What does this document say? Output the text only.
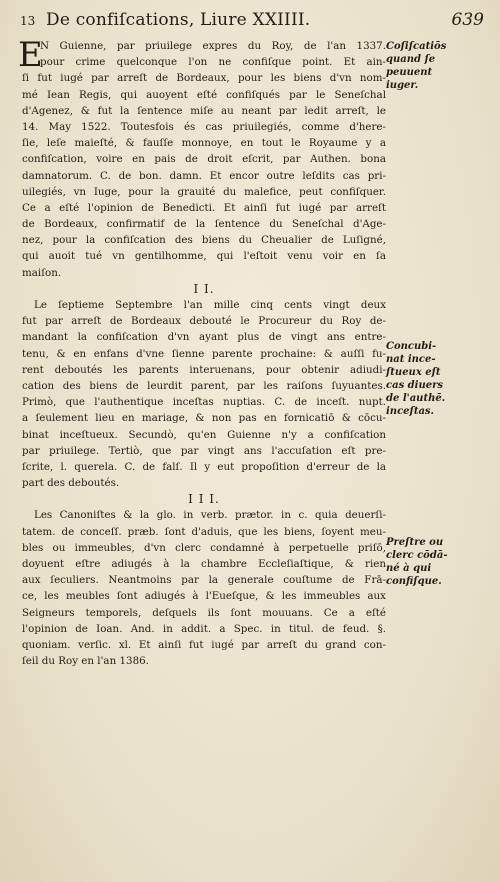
13 De confiſcations, Liure XXIIII.	639
E
N Guienne, par priuilege expres du Roy, de l'an 1337.
pour crime quelconque l'on ne confiſque point. Et ain-
ſi fut iugé par arreſt de Bordeaux, pour les biens d'vn nom-
mé Iean Regis, qui auoyent eſté confiſqués par le Seneſchal
d'Agenez, & fut la ſentence miſe au neant par ledit arreſt, le
14. May 1522. Toutesfois és cas priuilegiés, comme d'here-
ſie, leſe maieſté, & fauſſe monnoye, en tout le Royaume y a
confiſcation, voire en pais de droit eſcrit, par Authen. bona
damnatorum. C. de bon. damn. Et encor outre leſdits cas pri-
uilegiés, vn Iuge, pour la grauité du malefice, peut confiſquer.
Ce a eſté l'opinion de Benedicti. Et ainſi fut iugé par arreſt
de Bordeaux, confirmatif de la ſentence du Seneſchal d'Age-
nez, pour la confiſcation des biens du Cheualier de Luſigné,
qui auoit tué vn gentilhomme, qui l'eſtoit venu voir en ſa
maiſon.
I I.
Le ſeptieme Septembre l'an mille cinq cents vingt deux
fut par arreſt de Bordeaux debouté le Procureur du Roy de-
mandant la confiſcation d'vn ayant plus de vingt ans entre-
tenu, & en enfans d'vne ſienne parente prochaine: & auſſi fu-
rent deboutés les parents interuenans, pour obtenir adiudi-
cation des biens de leurdit parent, par les raiſons ſuyuantes.
Primò, que l'authentique inceſtas nuptias. C. de inceſt. nupt.
a ſeulement lieu en mariage, & non pas en fornicatiō & cōcu-
binat inceſtueux. Secundò, qu'en Guienne n'y a confiſcation
par priuilege. Tertiò, que par vingt ans l'accuſation eſt pre-
ſcrite, l. querela. C. de falſ. Il y eut propoſition d'erreur de la
part des deboutés.
I I I.
Les Canoniſtes & la glo. in verb. prætor. in c. quia deuerſi-
tatem. de conceſſ. præb. ſont d'aduis, que les biens, ſoyent meu-
bles ou immeubles, d'vn clerc condamné à perpetuelle priſō,
doyuent eſtre adiugés à la chambre Eccleſiaſtique, & rien
aux ſeculiers. Neantmoins par la generale couſtume de Frā-
ce, les meubles ſont adiugés à l'Eueſque, & les immeubles aux
Seigneurs temporels, deſquels ils ſont mouuans. Ce a eſté
l'opinion de Ioan. And. in addit. a Spec. in titul. de feud. §.
quoniam. verſic. xl. Et ainſi fut iugé par arreſt du grand con-
ſeil du Roy en l'an 1386.
Coſiſcatiōs
quand ſe
peuuent
iuger.
Concubi-
nat ince-
ſtueux eſt
cas diuers
de l'authē.
inceſtas.
Preſtre ou
clerc cōdā-
né à qui
confiſque.
